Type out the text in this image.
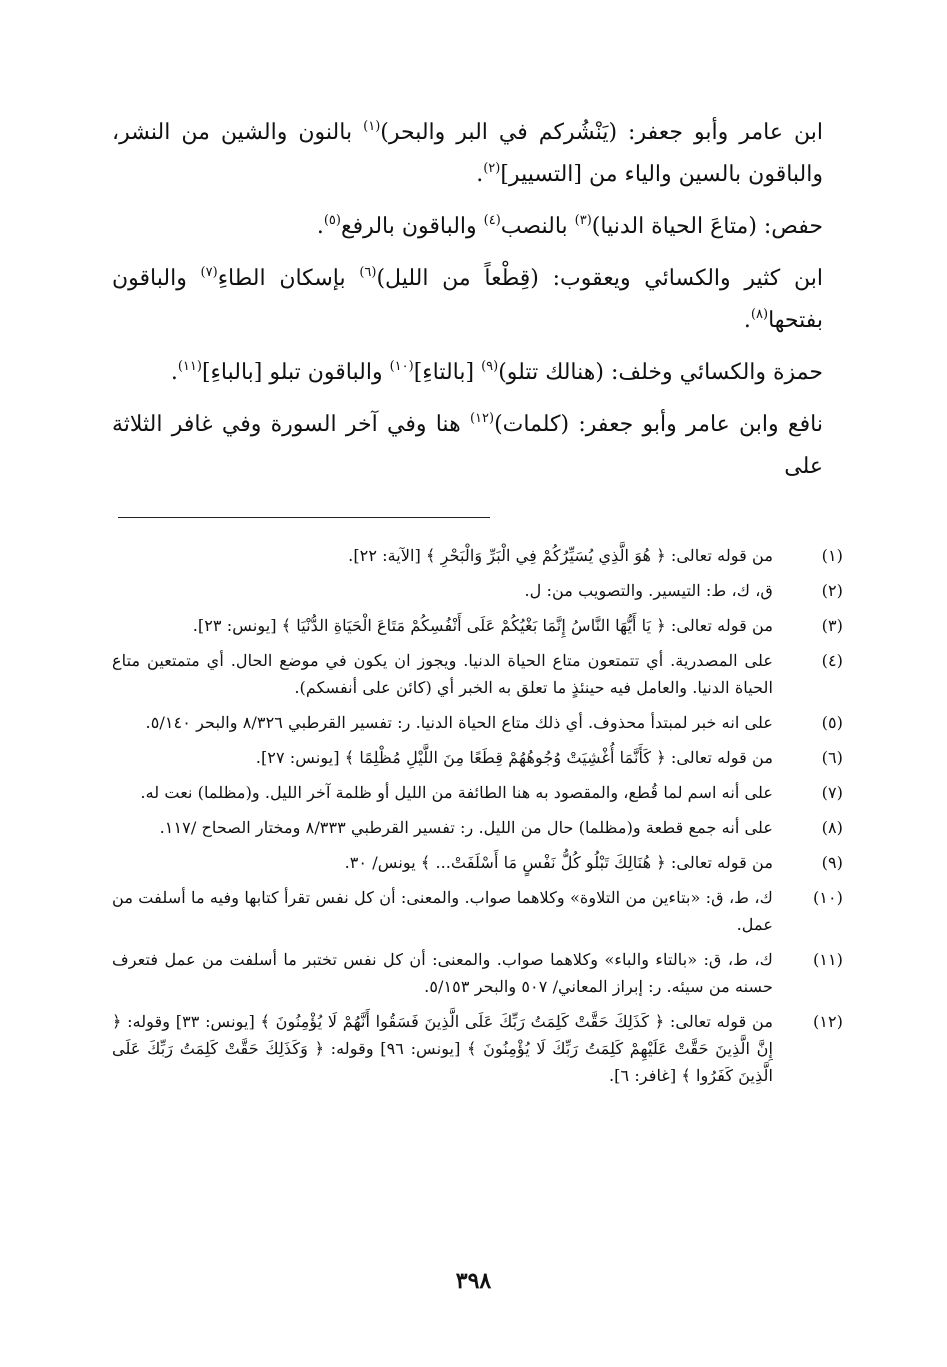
ابن عامر وأبو جعفر: (يَنْشُركم في البر والبحر)$^{(١)}$ بالنون والشين من النشر، والباقون بالسين والياء من [التسيير]$^{(٢)}$.

حفص: (متاعَ الحياة الدنيا)$^{(٣)}$ بالنصب$^{(٤)}$ والباقون بالرفع$^{(٥)}$.

ابن كثير والكسائي ويعقوب: (قِطْعاً من الليل)$^{(٦)}$ بإسكان الطاءِ$^{(٧)}$ والباقون بفتحها$^{(٨)}$.

حمزة والكسائي وخلف: (هنالك تتلو)$^{(٩)}$ [بالتاءِ]$^{(١٠)}$ والباقون تبلو [بالباءِ]$^{(١١)}$.

نافع وابن عامر وأبو جعفر: (كلمات)$^{(١٢)}$ هنا وفي آخر السورة وفي غافر الثلاثة على

(١)
من قوله تعالى: ﴿ هُوَ الَّذِي يُسَيِّرُكُمْ فِي الْبَرِّ وَالْبَحْرِ ﴾ [الآية: ٢٢].
(٢)
ق، ك، ط: التيسير. والتصويب من: ل.
(٣)
من قوله تعالى: ﴿ يَا أَيُّهَا النَّاسُ إِنَّمَا بَغْيُكُمْ عَلَى أَنْفُسِكُمْ مَتَاعَ الْحَيَاةِ الدُّنْيَا ﴾ [يونس: ٢٣].
(٤)
على المصدرية. أي تتمتعون متاع الحياة الدنيا. ويجوز ان يكون في موضع الحال. أي متمتعين متاع الحياة الدنيا. والعامل فيه حينئذٍ ما تعلق به الخبر أي (كائن على أنفسكم).
(٥)
على انه خبر لمبتدأ محذوف. أي ذلك متاع الحياة الدنيا. ر: تفسير القرطبي ٨/٣٢٦ والبحر ٥/١٤٠.
(٦)
من قوله تعالى: ﴿ كَأَنَّمَا أُغْشِيَتْ وُجُوهُهُمْ قِطَعًا مِنَ اللَّيْلِ مُظْلِمًا ﴾ [يونس: ٢٧].
(٧)
على أنه اسم لما قُطع، والمقصود به هنا الطائفة من الليل أو ظلمة آخر الليل. و(مظلما) نعت له.
(٨)
على أنه جمع قطعة و(مظلما) حال من الليل. ر: تفسير القرطبي ٨/٣٣٣ ومختار الصحاح /١١٧.
(٩)
من قوله تعالى: ﴿ هُنَالِكَ تَبْلُو كُلُّ نَفْسٍ مَا أَسْلَفَتْ... ﴾ يونس/ ٣٠.
(١٠)
ك، ط، ق: «بتاءين من التلاوة» وكلاهما صواب. والمعنى: أن كل نفس تقرأ كتابها وفيه ما أسلفت من عمل.
(١١)
ك، ط، ق: «بالتاء والباء» وكلاهما صواب. والمعنى: أن كل نفس تختبر ما أسلفت من عمل فتعرف حسنه من سيئه. ر: إبراز المعاني/ ٥٠٧ والبحر ٥/١٥٣.
(١٢)
من قوله تعالى: ﴿ كَذَلِكَ حَقَّتْ كَلِمَتُ رَبِّكَ عَلَى الَّذِينَ فَسَقُوا أَنَّهُمْ لَا يُؤْمِنُونَ ﴾ [يونس: ٣٣] وقوله: ﴿ إِنَّ الَّذِينَ حَقَّتْ عَلَيْهِمْ كَلِمَتُ رَبِّكَ لَا يُؤْمِنُونَ ﴾ [يونس: ٩٦] وقوله: ﴿ وَكَذَلِكَ حَقَّتْ كَلِمَتُ رَبِّكَ عَلَى الَّذِينَ كَفَرُوا ﴾ [غافر: ٦].
٣٩٨
